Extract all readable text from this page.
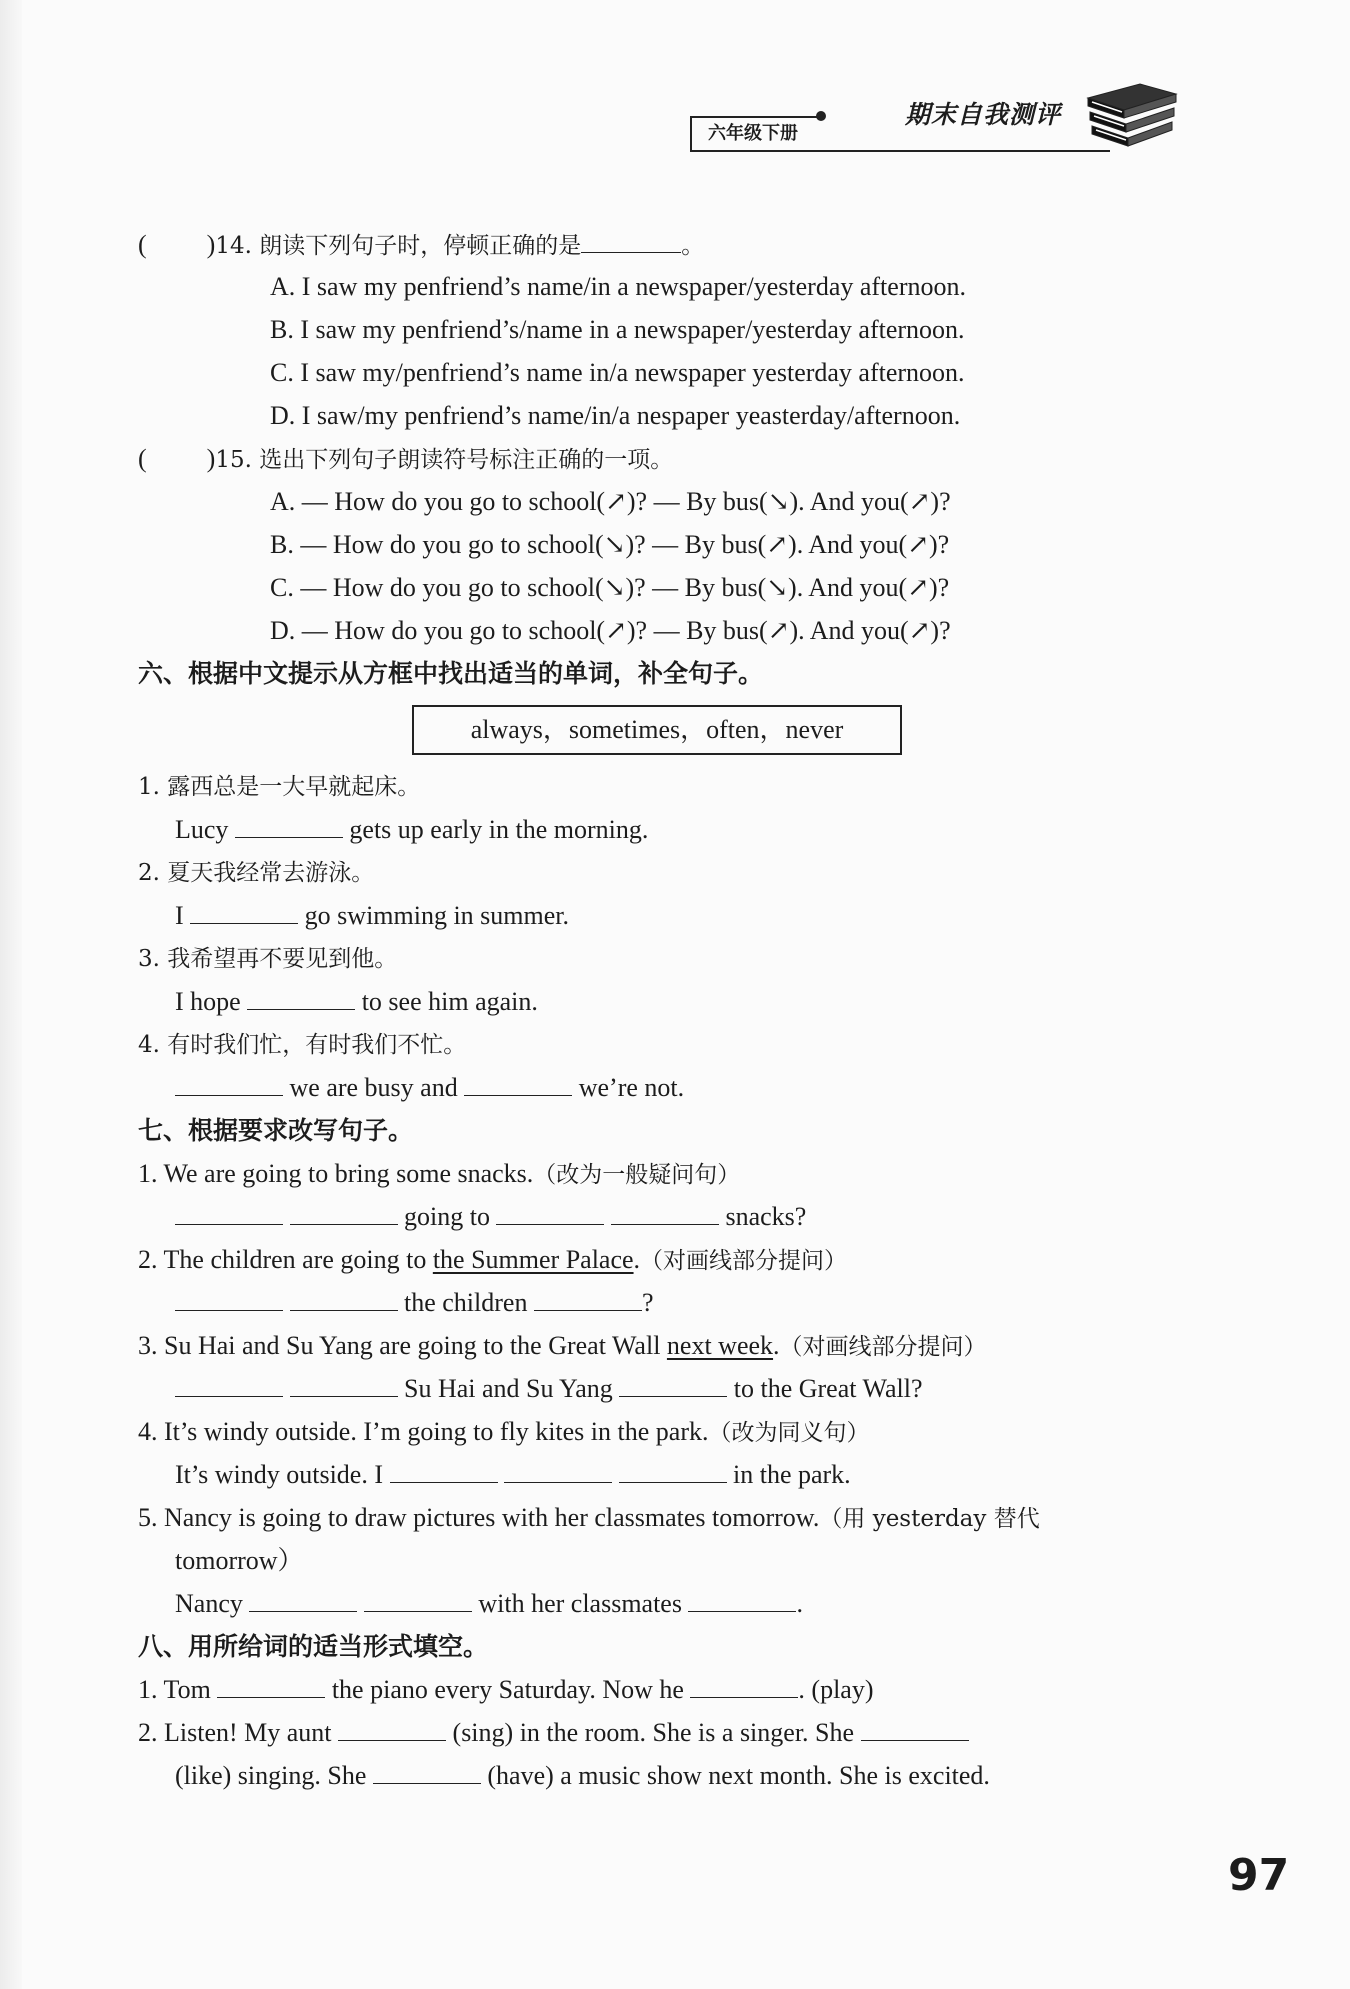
六年级下册
期末自我测评
( )14. 朗读下列句子时，停顿正确的是	。
A. I saw my penfriend’s name/in a newspaper/yesterday afternoon.
B. I saw my penfriend’s/name in a newspaper/yesterday afternoon.
C. I saw my/penfriend’s name in/a newspaper yesterday afternoon.
D. I saw/my penfriend’s name/in/a nespaper yeasterday/afternoon.
( )15. 选出下列句子朗读符号标注正确的一项。
A. — How do you go to school(↗)? — By bus(↘). And you(↗)?
B. — How do you go to school(↘)? — By bus(↗). And you(↗)?
C. — How do you go to school(↘)? — By bus(↘). And you(↗)?
D. — How do you go to school(↗)? — By bus(↗). And you(↗)?
六、根据中文提示从方框中找出适当的单词，补全句子。
always，sometimes，often，never
1. 露西总是一大早就起床。
Lucy	gets up early in the morning.
2. 夏天我经常去游泳。
I	go swimming in summer.
3. 我希望再不要见到他。
I hope	to see him again.
4. 有时我们忙，有时我们不忙。
we are busy and	we’re not.
七、根据要求改写句子。
1. We are going to bring some snacks.（改为一般疑问句）
going to	snacks?
2. The children are going to the Summer Palace.（对画线部分提问）
the children	?
3. Su Hai and Su Yang are going to the Great Wall next week.（对画线部分提问）
Su Hai and Su Yang	to the Great Wall?
4. It’s windy outside. I’m going to fly kites in the park.（改为同义句）
It’s windy outside. I	in the park.
5. Nancy is going to draw pictures with her classmates tomorrow.（用 yesterday 替代
tomorrow）
Nancy	with her classmates	.
八、用所给词的适当形式填空。
1. Tom	the piano every Saturday. Now he	. (play)
2. Listen! My aunt	(sing) in the room. She is a singer. She
(like) singing. She	(have) a music show next month. She is excited.
97
